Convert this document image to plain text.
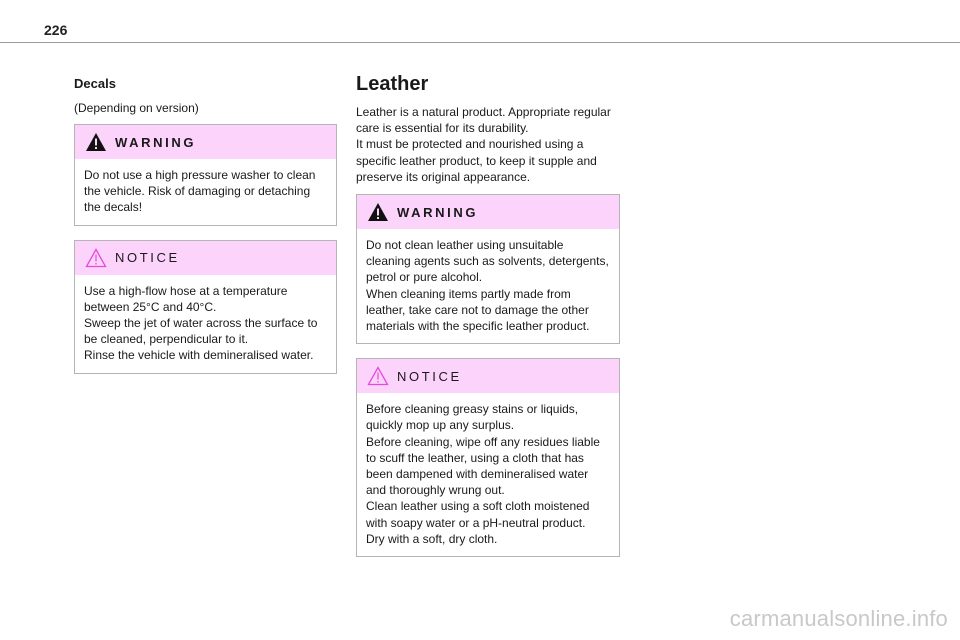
226
Decals
(Depending on version)
WARNING

Do not use a high pressure washer to clean the vehicle. Risk of damaging or detaching the decals!

NOTICE

Use a high-flow hose at a temperature between 25°C and 40°C.

Sweep the jet of water across the surface to be cleaned, perpendicular to it.

Rinse the vehicle with demineralised water.

Leather
Leather is a natural product. Appropriate regular care is essential for its durability.
It must be protected and nourished using a specific leather product, to keep it supple and preserve its original appearance.
WARNING

Do not clean leather using unsuitable cleaning agents such as solvents, detergents, petrol or pure alcohol.

When cleaning items partly made from leather, take care not to damage the other materials with the specific leather product.

NOTICE

Before cleaning greasy stains or liquids, quickly mop up any surplus.

Before cleaning, wipe off any residues liable to scuff the leather, using a cloth that has been dampened with demineralised water and thoroughly wrung out.

Clean leather using a soft cloth moistened with soapy water or a pH-neutral product.

Dry with a soft, dry cloth.

carmanualsonline.info
